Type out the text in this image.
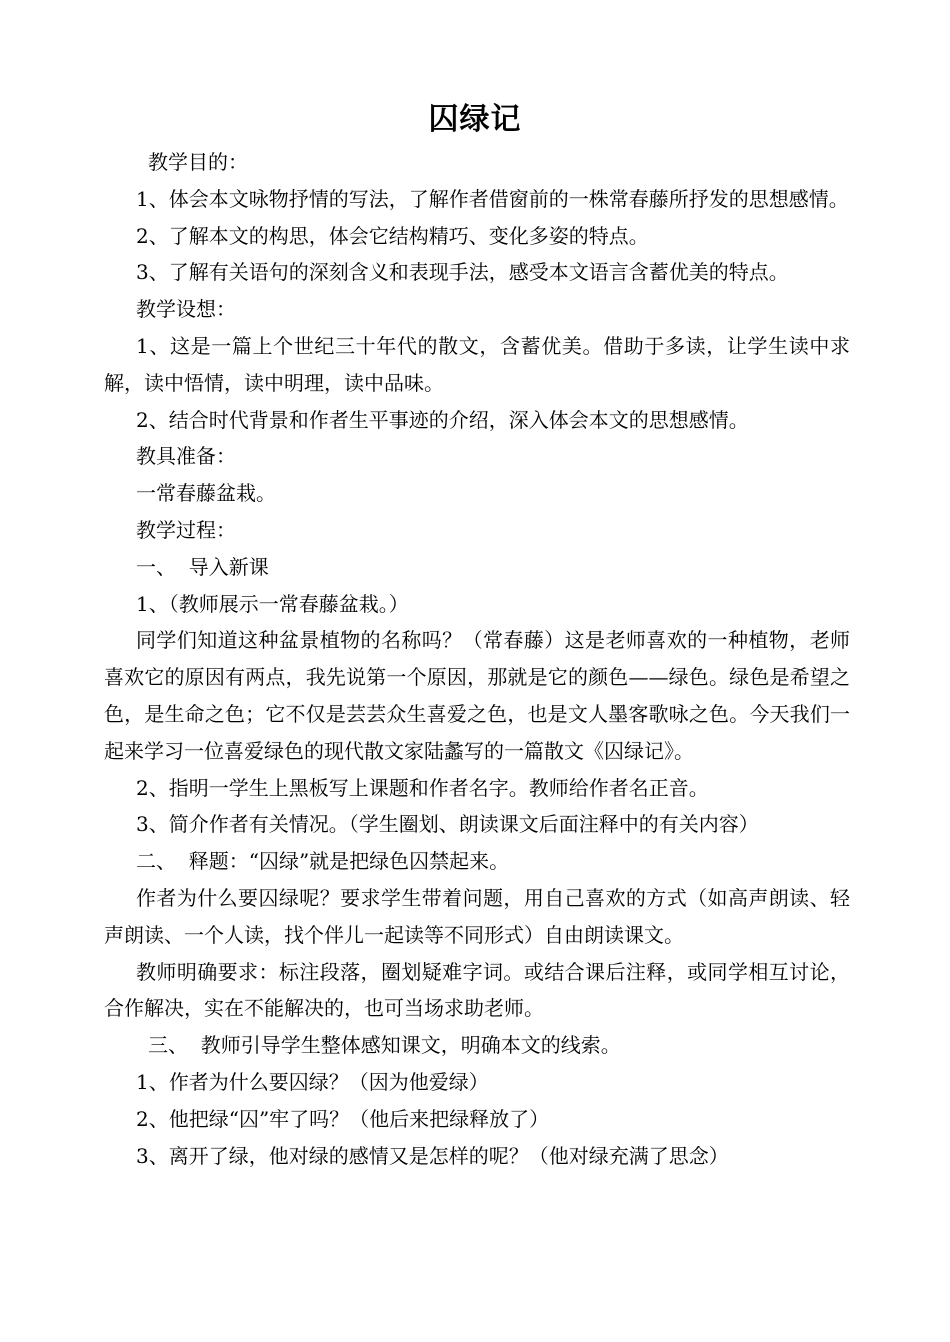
囚绿记

教学目的：

1、体会本文咏物抒情的写法，了解作者借窗前的一株常春藤所抒发的思想感情。

2、了解本文的构思，体会它结构精巧、变化多姿的特点。

3、了解有关语句的深刻含义和表现手法，感受本文语言含蓄优美的特点。

教学设想：

1、这是一篇上个世纪三十年代的散文，含蓄优美。借助于多读，让学生读中求解，读中悟情，读中明理，读中品味。

2、结合时代背景和作者生平事迹的介绍，深入体会本文的思想感情。

教具准备：

一常春藤盆栽。

教学过程：

一、  导入新课

1、（教师展示一常春藤盆栽。）

同学们知道这种盆景植物的名称吗？（常春藤）这是老师喜欢的一种植物，老师喜欢它的原因有两点，我先说第一个原因，那就是它的颜色——绿色。绿色是希望之色，是生命之色；它不仅是芸芸众生喜爱之色，也是文人墨客歌咏之色。今天我们一起来学习一位喜爱绿色的现代散文家陆蠡写的一篇散文《囚绿记》。

2、指明一学生上黑板写上课题和作者名字。教师给作者名正音。

3、简介作者有关情况。（学生圈划、朗读课文后面注释中的有关内容）

二、  释题：“囚绿”就是把绿色囚禁起来。

作者为什么要囚绿呢？要求学生带着问题，用自己喜欢的方式（如高声朗读、轻声朗读、一个人读，找个伴儿一起读等不同形式）自由朗读课文。

教师明确要求：标注段落，圈划疑难字词。或结合课后注释，或同学相互讨论，合作解决，实在不能解决的，也可当场求助老师。

三、  教师引导学生整体感知课文，明确本文的线索。

1、作者为什么要囚绿？（因为他爱绿）

2、他把绿“囚”牢了吗？（他后来把绿释放了）

3、离开了绿，他对绿的感情又是怎样的呢？（他对绿充满了思念）
